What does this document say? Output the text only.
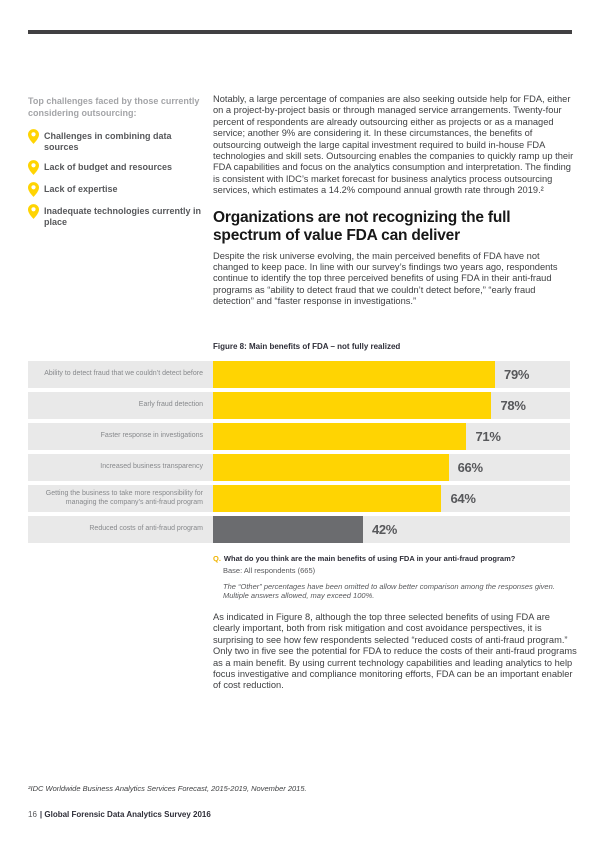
Top challenges faced by those currently considering outsourcing:
Challenges in combining data sources
Lack of budget and resources
Lack of expertise
Inadequate technologies currently in place

Notably, a large percentage of companies are also seeking outside help for FDA, either on a project-by-project basis or through managed service arrangements. Twenty-four percent of respondents are already outsourcing either as projects or as a managed service; another 9% are considering it. In these circumstances, the benefits of outsourcing outweigh the large capital investment required to build in-house FDA technologies and skill sets. Outsourcing enables the companies to quickly ramp up their FDA capabilities and focus on the analytics consumption and interpretation. The finding is consistent with IDC’s market forecast for business analytics process outsourcing services, which estimates a 14.2% compound annual growth rate through 2019.²

Organizations are not recognizing the full spectrum of value FDA can deliver

Despite the risk universe evolving, the main perceived benefits of FDA have not changed to keep pace. In line with our survey’s findings two years ago, respondents continue to identify the top three perceived benefits of using FDA in their anti-fraud programs as “ability to detect fraud that we couldn’t detect before,” “early fraud detection” and “faster response in investigations.”

Figure 8: Main benefits of FDA – not fully realized
Ability to detect fraud that we couldn’t detect before	79%
Early fraud detection	78%
Faster response in investigations	71%
Increased business transparency	66%
Getting the business to take more responsibility for managing the company’s anti-fraud program	64%
Reduced costs of anti-fraud program	42%
Q. What do you think are the main benefits of using FDA in your anti-fraud program?
Base: All respondents (665)
The “Other” percentages have been omitted to allow better comparison among the responses given.
Multiple answers allowed, may exceed 100%.

As indicated in Figure 8, although the top three selected benefits of using FDA are clearly important, both from risk mitigation and cost avoidance perspectives, it is surprising to see how few respondents selected “reduced costs of anti-fraud program.” Only two in five see the potential for FDA to reduce the costs of their anti-fraud programs as a main benefit. By using current technology capabilities and leading analytics to help focus investigative and compliance monitoring efforts, FDA can be an important enabler of cost reduction.

²IDC Worldwide Business Analytics Services Forecast, 2015-2019, November 2015.
16 | Global Forensic Data Analytics Survey 2016
